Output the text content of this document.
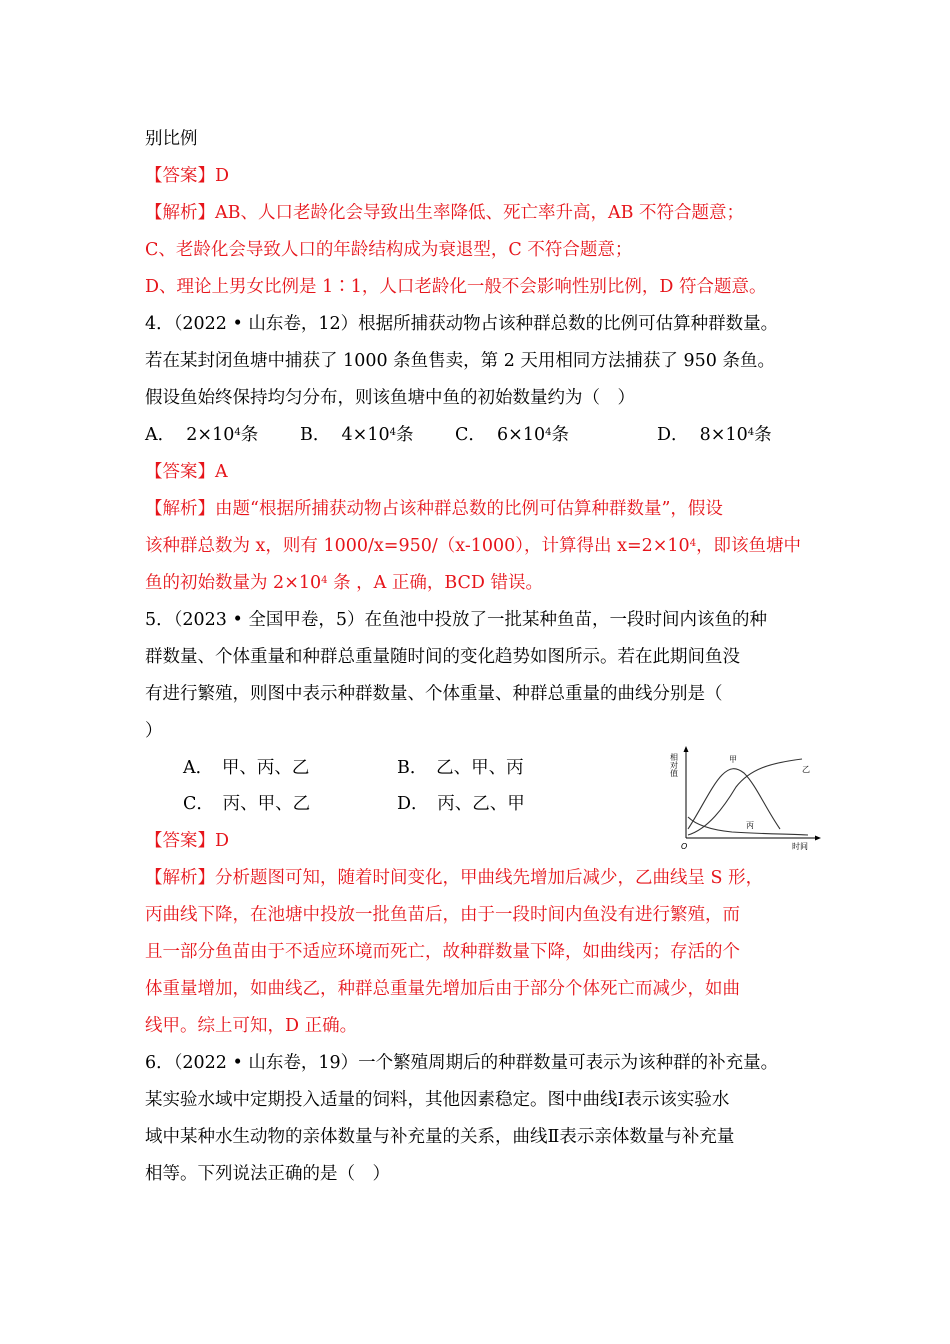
别比例
【答案】D
【解析】AB、人口老龄化会导致出生率降低、死亡率升高，AB 不符合题意；
C、老龄化会导致人口的年龄结构成为衰退型，C 不符合题意；
D、理论上男女比例是 1∶1，人口老龄化一般不会影响性别比例，D 符合题意。
4．（2022 • 山东卷，12）根据所捕获动物占该种群总数的比例可估算种群数量。
若在某封闭鱼塘中捕获了 1000 条鱼售卖，第 2 天用相同方法捕获了 950 条鱼。
假设鱼始终保持均匀分布，则该鱼塘中鱼的初始数量约为（　）
A． $2\times 10^4$条 B． $4\times 10^4$条 C． $6\times 10^4$条	D． $8\times 10^4$条
【答案】A
【解析】由题“根据所捕获动物占该种群总数的比例可估算种群数量”，假设
该种群总数为 x，则有 1000/x=950/（x-1000），计算得出 $x=2\times 10^4$，即该鱼塘中
鱼的初始数量为 $2\times 10^4$ 条 ，A 正确，BCD 错误。
5．（2023 • 全国甲卷，5）在鱼池中投放了一批某种鱼苗，一段时间内该鱼的种
群数量、个体重量和种群总重量随时间的变化趋势如图所示。若在此期间鱼没
有进行繁殖，则图中表示种群数量、个体重量、种群总重量的曲线分别是（
）
A．　甲、丙、乙	B．　乙、甲、丙
C．　丙、甲、乙	D．　丙、乙、甲
相对值
时间
O
甲
乙
丙
【答案】D
【解析】分析题图可知，随着时间变化，甲曲线先增加后减少，乙曲线呈 S 形，
丙曲线下降，在池塘中投放一批鱼苗后，由于一段时间内鱼没有进行繁殖，而
且一部分鱼苗由于不适应环境而死亡，故种群数量下降，如曲线丙；存活的个
体重量增加，如曲线乙，种群总重量先增加后由于部分个体死亡而减少，如曲
线甲。综上可知，D 正确。
6．（2022 • 山东卷，19）一个繁殖周期后的种群数量可表示为该种群的补充量。
某实验水域中定期投入适量的饲料，其他因素稳定。图中曲线Ⅰ表示该实验水
域中某种水生动物的亲体数量与补充量的关系，曲线Ⅱ表示亲体数量与补充量
相等。下列说法正确的是（　）
